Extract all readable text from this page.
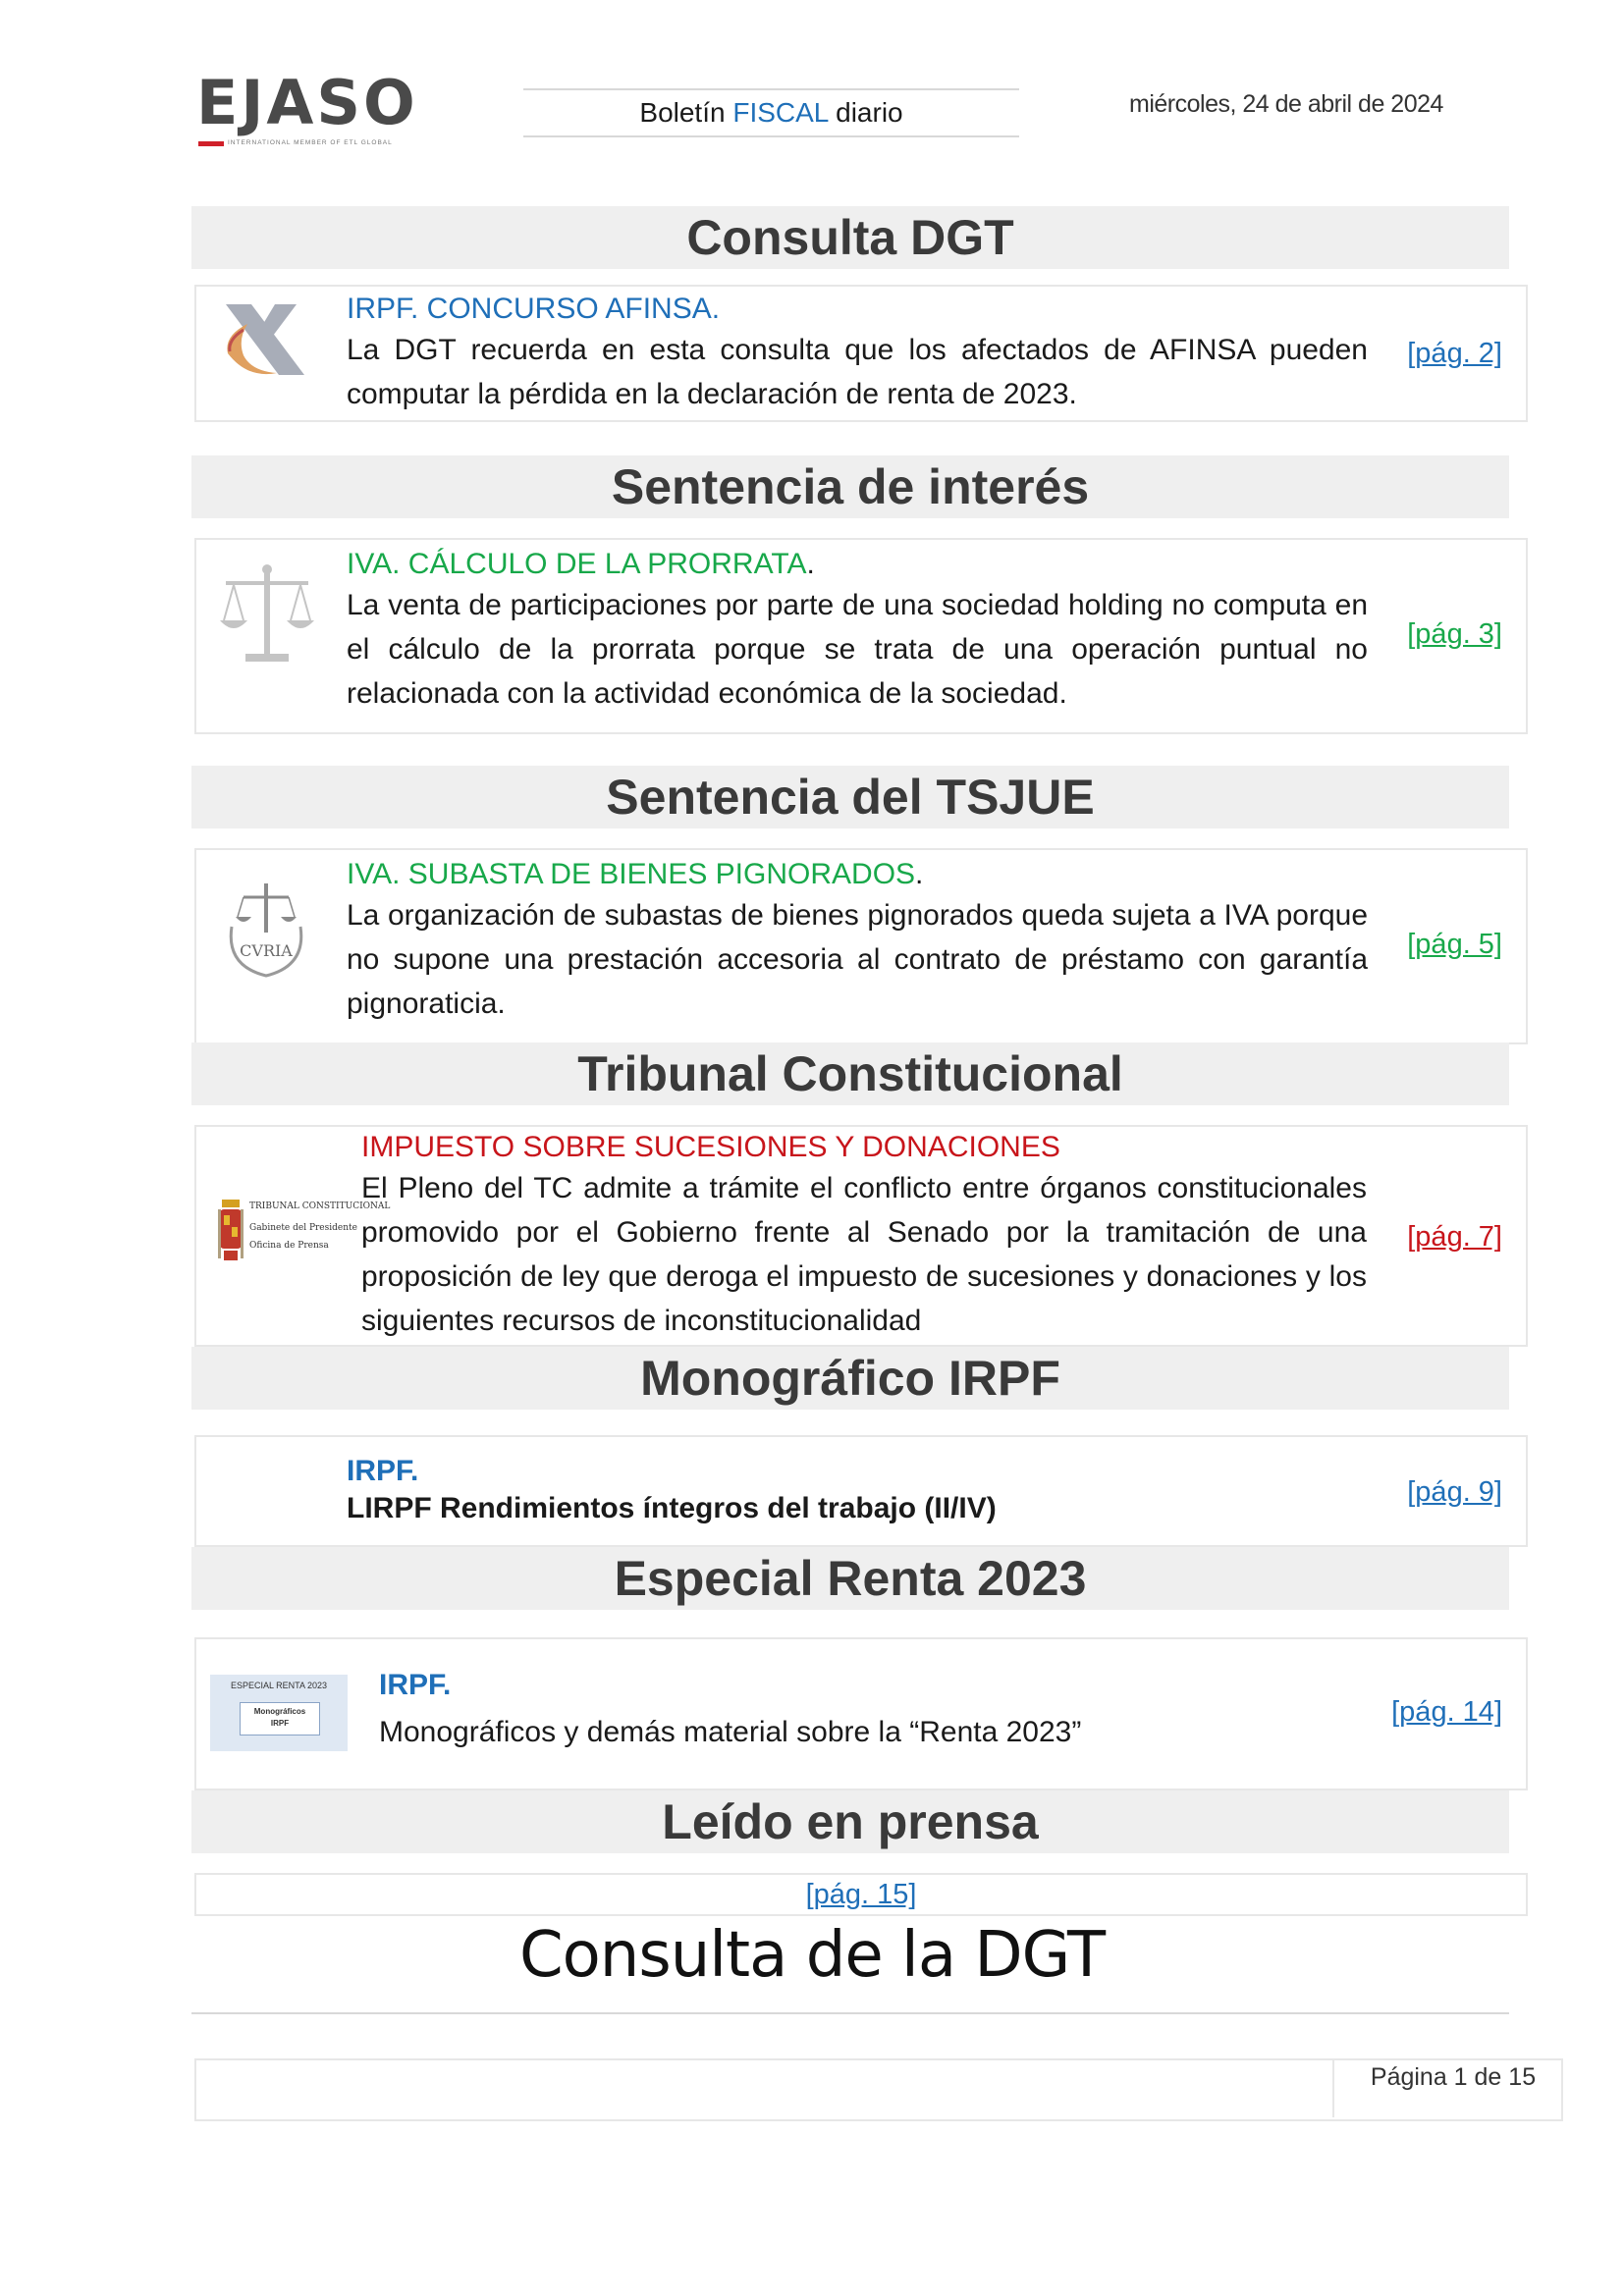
EJASO
INTERNATIONAL MEMBER OF ETL GLOBAL
Boletín FISCAL diario	miércoles, 24 de abril de 2024
Consulta DGT
IRPF. CONCURSO AFINSA.
La DGT recuerda en esta consulta que los afectados de AFINSA pueden computar la pérdida en la declaración de renta de 2023.
[pág. 2]
Sentencia de interés
IVA. CÁLCULO DE LA PRORRATA.
La venta de participaciones por parte de una sociedad holding no computa en el cálculo de la prorrata porque se trata de una operación puntual no relacionada con la actividad económica de la sociedad.
[pág. 3]
Sentencia del TSJUE
CVRIA
IVA. SUBASTA DE BIENES PIGNORADOS.
La organización de subastas de bienes pignorados queda sujeta a IVA porque no supone una prestación accesoria al contrato de préstamo con garantía pignoraticia.
[pág. 5]
Tribunal Constitucional
TRIBUNAL CONSTITUCIONAL
Gabinete del Presidente
Oficina de Prensa
IMPUESTO SOBRE SUCESIONES Y DONACIONES
El Pleno del TC admite a trámite el conflicto entre órganos constitucionales promovido por el Gobierno frente al Senado por la tramitación de una proposición de ley que deroga el impuesto de sucesiones y donaciones y los siguientes recursos de inconstitucionalidad
[pág. 7]
Monográfico IRPF
IRPF.
LIRPF Rendimientos íntegros del trabajo (II/IV)	[pág. 9]
Especial Renta 2023
ESPECIAL RENTA 2023
Monográficos
IRPF
IRPF.
Monográficos y demás material sobre la “Renta 2023”
[pág. 14]
Leído en prensa
[pág. 15]
Consulta de la DGT
Página 1 de 15
